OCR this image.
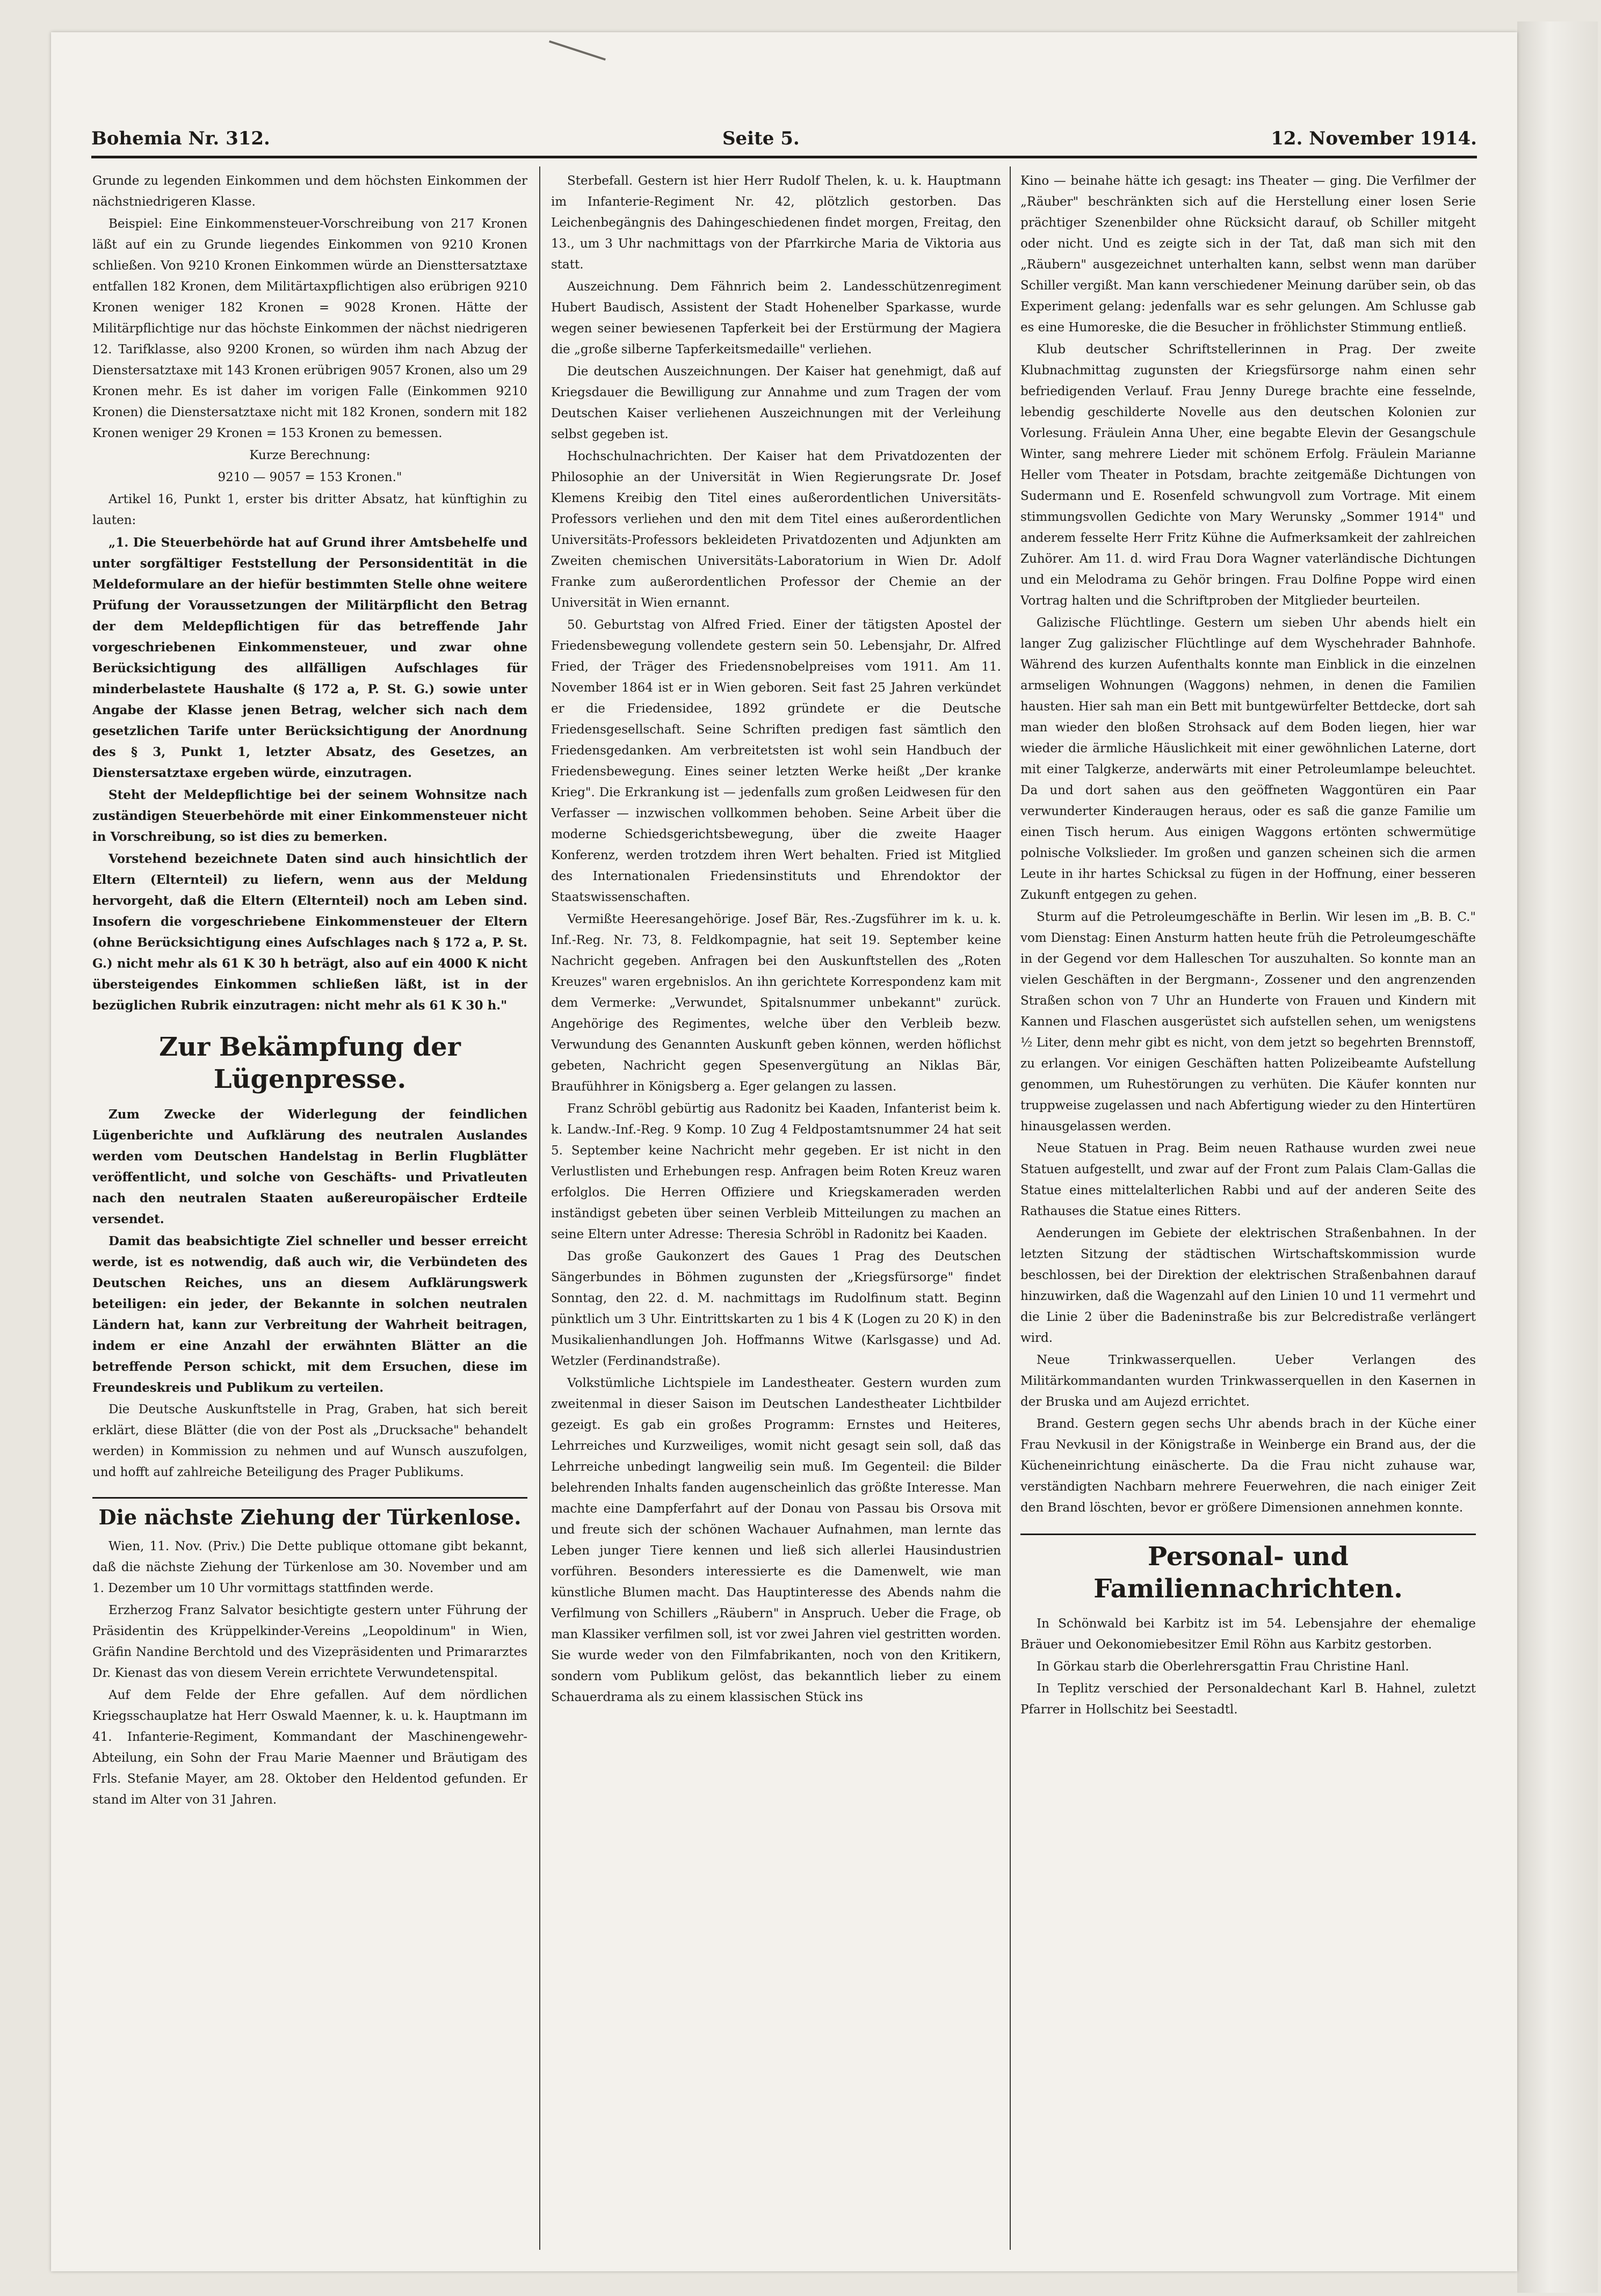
Bohemia Nr. 312.	Seite 5.	12. November 1914.

Grunde zu legenden Einkommen und dem höchsten Einkommen der nächstniedrigeren Klasse.

Beispiel: Eine Einkommensteuer-Vorschreibung von 217 Kronen läßt auf ein zu Grunde liegendes Einkommen von 9210 Kronen schließen. Von 9210 Kronen Einkommen würde an Diensttersatztaxe entfallen 182 Kronen, dem Militärtaxpflichtigen also erübrigen 9210 Kronen weniger 182 Kronen = 9028 Kronen. Hätte der Militärpflichtige nur das höchste Einkommen der nächst niedrigeren 12. Tarifklasse, also 9200 Kronen, so würden ihm nach Abzug der Dienstersatztaxe mit 143 Kronen erübrigen 9057 Kronen, also um 29 Kronen mehr. Es ist daher im vorigen Falle (Einkommen 9210 Kronen) die Dienstersatztaxe nicht mit 182 Kronen, sondern mit 182 Kronen weniger 29 Kronen = 153 Kronen zu bemessen.

Kurze Berechnung:

9210 — 9057 = 153 Kronen."

Artikel 16, Punkt 1, erster bis dritter Absatz, hat künftighin zu lauten:

„1. Die Steuerbehörde hat auf Grund ihrer Amtsbehelfe und unter sorgfältiger Feststellung der Personsidentität in die Meldeformulare an der hiefür bestimmten Stelle ohne weitere Prüfung der Voraussetzungen der Militärpflicht den Betrag der dem Meldepflichtigen für das betreffende Jahr vorgeschriebenen Einkommensteuer, und zwar ohne Berücksichtigung des allfälligen Aufschlages für minderbelastete Haushalte (§ 172 a, P. St. G.) sowie unter Angabe der Klasse jenen Betrag, welcher sich nach dem gesetzlichen Tarife unter Berücksichtigung der Anordnung des § 3, Punkt 1, letzter Absatz, des Gesetzes, an Dienstersatztaxe ergeben würde, einzutragen.

Steht der Meldepflichtige bei der seinem Wohnsitze nach zuständigen Steuerbehörde mit einer Einkommensteuer nicht in Vorschreibung, so ist dies zu bemerken.

Vorstehend bezeichnete Daten sind auch hinsichtlich der Eltern (Elternteil) zu liefern, wenn aus der Meldung hervorgeht, daß die Eltern (Elternteil) noch am Leben sind. Insofern die vorgeschriebene Einkommensteuer der Eltern (ohne Berücksichtigung eines Aufschlages nach § 172 a, P. St. G.) nicht mehr als 61 K 30 h beträgt, also auf ein 4000 K nicht übersteigendes Einkommen schließen läßt, ist in der bezüglichen Rubrik einzutragen: nicht mehr als 61 K 30 h."

Zur Bekämpfung der Lügenpresse.

Zum Zwecke der Widerlegung der feindlichen Lügenberichte und Aufklärung des neutralen Auslandes werden vom Deutschen Handelstag in Berlin Flugblätter veröffentlicht, und solche von Geschäfts- und Privatleuten nach den neutralen Staaten außereuropäischer Erdteile versendet.

Damit das beabsichtigte Ziel schneller und besser erreicht werde, ist es notwendig, daß auch wir, die Verbündeten des Deutschen Reiches, uns an diesem Aufklärungswerk beteiligen: ein jeder, der Bekannte in solchen neutralen Ländern hat, kann zur Verbreitung der Wahrheit beitragen, indem er eine Anzahl der erwähnten Blätter an die betreffende Person schickt, mit dem Ersuchen, diese im Freundeskreis und Publikum zu verteilen.

Die Deutsche Auskunftstelle in Prag, Graben, hat sich bereit erklärt, diese Blätter (die von der Post als „Drucksache" behandelt werden) in Kommission zu nehmen und auf Wunsch auszufolgen, und hofft auf zahlreiche Beteiligung des Prager Publikums.

Die nächste Ziehung der Türkenlose.

Wien, 11. Nov. (Priv.) Die Dette publique ottomane gibt bekannt, daß die nächste Ziehung der Türkenlose am 30. November und am 1. Dezember um 10 Uhr vormittags stattfinden werde.

Erzherzog Franz Salvator besichtigte gestern unter Führung der Präsidentin des Krüppelkinder-Vereins „Leopoldinum" in Wien, Gräfin Nandine Berchtold und des Vizepräsidenten und Primararztes Dr. Kienast das von diesem Verein errichtete Verwundetenspital.

Auf dem Felde der Ehre gefallen. Auf dem nördlichen Kriegsschauplatze hat Herr Oswald Maenner, k. u. k. Hauptmann im 41. Infanterie-Regiment, Kommandant der Maschinengewehr-Abteilung, ein Sohn der Frau Marie Maenner und Bräutigam des Frls. Stefanie Mayer, am 28. Oktober den Heldentod gefunden. Er stand im Alter von 31 Jahren.

Sterbefall. Gestern ist hier Herr Rudolf Thelen, k. u. k. Hauptmann im Infanterie-Regiment Nr. 42, plötzlich gestorben. Das Leichenbegängnis des Dahingeschiedenen findet morgen, Freitag, den 13., um 3 Uhr nachmittags von der Pfarrkirche Maria de Viktoria aus statt.

Auszeichnung. Dem Fähnrich beim 2. Landesschützenregiment Hubert Baudisch, Assistent der Stadt Hohenelber Sparkasse, wurde wegen seiner bewiesenen Tapferkeit bei der Erstürmung der Magiera die „große silberne Tapferkeitsmedaille" verliehen.

Die deutschen Auszeichnungen. Der Kaiser hat genehmigt, daß auf Kriegsdauer die Bewilligung zur Annahme und zum Tragen der vom Deutschen Kaiser verliehenen Auszeichnungen mit der Verleihung selbst gegeben ist.

Hochschulnachrichten. Der Kaiser hat dem Privatdozenten der Philosophie an der Universität in Wien Regierungsrate Dr. Josef Klemens Kreibig den Titel eines außerordentlichen Universitäts-Professors verliehen und den mit dem Titel eines außerordentlichen Universitäts-Professors bekleideten Privatdozenten und Adjunkten am Zweiten chemischen Universitäts-Laboratorium in Wien Dr. Adolf Franke zum außerordentlichen Professor der Chemie an der Universität in Wien ernannt.

50. Geburtstag von Alfred Fried. Einer der tätigsten Apostel der Friedensbewegung vollendete gestern sein 50. Lebensjahr, Dr. Alfred Fried, der Träger des Friedensnobelpreises vom 1911. Am 11. November 1864 ist er in Wien geboren. Seit fast 25 Jahren verkündet er die Friedensidee, 1892 gründete er die Deutsche Friedensgesellschaft. Seine Schriften predigen fast sämtlich den Friedensgedanken. Am verbreitetsten ist wohl sein Handbuch der Friedensbewegung. Eines seiner letzten Werke heißt „Der kranke Krieg". Die Erkrankung ist — jedenfalls zum großen Leidwesen für den Verfasser — inzwischen vollkommen behoben. Seine Arbeit über die moderne Schiedsgerichtsbewegung, über die zweite Haager Konferenz, werden trotzdem ihren Wert behalten. Fried ist Mitglied des Internationalen Friedensinstituts und Ehrendoktor der Staatswissenschaften.

Vermißte Heeresangehörige. Josef Bär, Res.-Zugsführer im k. u. k. Inf.-Reg. Nr. 73, 8. Feldkompagnie, hat seit 19. September keine Nachricht gegeben. Anfragen bei den Auskunftstellen des „Roten Kreuzes" waren ergebnislos. An ihn gerichtete Korrespondenz kam mit dem Vermerke: „Verwundet, Spitalsnummer unbekannt" zurück. Angehörige des Regimentes, welche über den Verbleib bezw. Verwundung des Genannten Auskunft geben können, werden höflichst gebeten, Nachricht gegen Spesenvergütung an Niklas Bär, Braufühhrer in Königsberg a. Eger gelangen zu lassen.

Franz Schröbl gebürtig aus Radonitz bei Kaaden, Infanterist beim k. k. Landw.-Inf.-Reg. 9 Komp. 10 Zug 4 Feldpostamtsnummer 24 hat seit 5. September keine Nachricht mehr gegeben. Er ist nicht in den Verlustlisten und Erhebungen resp. Anfragen beim Roten Kreuz waren erfolglos. Die Herren Offiziere und Kriegskameraden werden inständigst gebeten über seinen Verbleib Mitteilungen zu machen an seine Eltern unter Adresse: Theresia Schröbl in Radonitz bei Kaaden.

Das große Gaukonzert des Gaues 1 Prag des Deutschen Sängerbundes in Böhmen zugunsten der „Kriegsfürsorge" findet Sonntag, den 22. d. M. nachmittags im Rudolfinum statt. Beginn pünktlich um 3 Uhr. Eintrittskarten zu 1 bis 4 K (Logen zu 20 K) in den Musikalienhandlungen Joh. Hoffmanns Witwe (Karlsgasse) und Ad. Wetzler (Ferdinandstraße).

Volkstümliche Lichtspiele im Landestheater. Gestern wurden zum zweitenmal in dieser Saison im Deutschen Landestheater Lichtbilder gezeigt. Es gab ein großes Programm: Ernstes und Heiteres, Lehrreiches und Kurzweiliges, womit nicht gesagt sein soll, daß das Lehrreiche unbedingt langweilig sein muß. Im Gegenteil: die Bilder belehrenden Inhalts fanden augenscheinlich das größte Interesse. Man machte eine Dampferfahrt auf der Donau von Passau bis Orsova mit und freute sich der schönen Wachauer Aufnahmen, man lernte das Leben junger Tiere kennen und ließ sich allerlei Hausindustrien vorführen. Besonders interessierte es die Damenwelt, wie man künstliche Blumen macht. Das Hauptinteresse des Abends nahm die Verfilmung von Schillers „Räubern" in Anspruch. Ueber die Frage, ob man Klassiker verfilmen soll, ist vor zwei Jahren viel gestritten worden. Sie wurde weder von den Filmfabrikanten, noch von den Kritikern, sondern vom Publikum gelöst, das bekanntlich lieber zu einem Schauerdrama als zu einem klassischen Stück ins

Kino — beinahe hätte ich gesagt: ins Theater — ging. Die Verfilmer der „Räuber" beschränkten sich auf die Herstellung einer losen Serie prächtiger Szenenbilder ohne Rücksicht darauf, ob Schiller mitgeht oder nicht. Und es zeigte sich in der Tat, daß man sich mit den „Räubern" ausgezeichnet unterhalten kann, selbst wenn man darüber Schiller vergißt. Man kann verschiedener Meinung darüber sein, ob das Experiment gelang: jedenfalls war es sehr gelungen. Am Schlusse gab es eine Humoreske, die die Besucher in fröhlichster Stimmung entließ.

Klub deutscher Schriftstellerinnen in Prag. Der zweite Klubnachmittag zugunsten der Kriegsfürsorge nahm einen sehr befriedigenden Verlauf. Frau Jenny Durege brachte eine fesselnde, lebendig geschilderte Novelle aus den deutschen Kolonien zur Vorlesung. Fräulein Anna Uher, eine begabte Elevin der Gesangschule Winter, sang mehrere Lieder mit schönem Erfolg. Fräulein Marianne Heller vom Theater in Potsdam, brachte zeitgemäße Dichtungen von Sudermann und E. Rosenfeld schwungvoll zum Vortrage. Mit einem stimmungsvollen Gedichte von Mary Werunsky „Sommer 1914" und anderem fesselte Herr Fritz Kühne die Aufmerksamkeit der zahlreichen Zuhörer. Am 11. d. wird Frau Dora Wagner vaterländische Dichtungen und ein Melodrama zu Gehör bringen. Frau Dolfine Poppe wird einen Vortrag halten und die Schriftproben der Mitglieder beurteilen.

Galizische Flüchtlinge. Gestern um sieben Uhr abends hielt ein langer Zug galizischer Flüchtlinge auf dem Wyschehrader Bahnhofe. Während des kurzen Aufenthalts konnte man Einblick in die einzelnen armseligen Wohnungen (Waggons) nehmen, in denen die Familien hausten. Hier sah man ein Bett mit buntgewürfelter Bettdecke, dort sah man wieder den bloßen Strohsack auf dem Boden liegen, hier war wieder die ärmliche Häuslichkeit mit einer gewöhnlichen Laterne, dort mit einer Talgkerze, anderwärts mit einer Petroleumlampe beleuchtet. Da und dort sahen aus den geöffneten Waggontüren ein Paar verwunderter Kinderaugen heraus, oder es saß die ganze Familie um einen Tisch herum. Aus einigen Waggons ertönten schwermütige polnische Volkslieder. Im großen und ganzen scheinen sich die armen Leute in ihr hartes Schicksal zu fügen in der Hoffnung, einer besseren Zukunft entgegen zu gehen.

Sturm auf die Petroleumgeschäfte in Berlin. Wir lesen im „B. B. C." vom Dienstag: Einen Ansturm hatten heute früh die Petroleumgeschäfte in der Gegend vor dem Halleschen Tor auszuhalten. So konnte man an vielen Geschäften in der Bergmann-, Zossener und den angrenzenden Straßen schon von 7 Uhr an Hunderte von Frauen und Kindern mit Kannen und Flaschen ausgerüstet sich aufstellen sehen, um wenigstens ½ Liter, denn mehr gibt es nicht, von dem jetzt so begehrten Brennstoff, zu erlangen. Vor einigen Geschäften hatten Polizeibeamte Aufstellung genommen, um Ruhestörungen zu verhüten. Die Käufer konnten nur truppweise zugelassen und nach Abfertigung wieder zu den Hintertüren hinausgelassen werden.

Neue Statuen in Prag. Beim neuen Rathause wurden zwei neue Statuen aufgestellt, und zwar auf der Front zum Palais Clam-Gallas die Statue eines mittelalterlichen Rabbi und auf der anderen Seite des Rathauses die Statue eines Ritters.

Aenderungen im Gebiete der elektrischen Straßenbahnen. In der letzten Sitzung der städtischen Wirtschaftskommission wurde beschlossen, bei der Direktion der elektrischen Straßenbahnen darauf hinzuwirken, daß die Wagenzahl auf den Linien 10 und 11 vermehrt und die Linie 2 über die Badeninstraße bis zur Belcredistraße verlängert wird.

Neue Trinkwasserquellen. Ueber Verlangen des Militärkommandanten wurden Trinkwasserquellen in den Kasernen in der Bruska und am Aujezd errichtet.

Brand. Gestern gegen sechs Uhr abends brach in der Küche einer Frau Nevkusil in der Königstraße in Weinberge ein Brand aus, der die Kücheneinrichtung einäscherte. Da die Frau nicht zuhause war, verständigten Nachbarn mehrere Feuerwehren, die nach einiger Zeit den Brand löschten, bevor er größere Dimensionen annehmen konnte.

Personal- und Familiennachrichten.

In Schönwald bei Karbitz ist im 54. Lebensjahre der ehemalige Bräuer und Oekonomiebesitzer Emil Röhn aus Karbitz gestorben.

In Görkau starb die Oberlehrersgattin Frau Christine Hanl.

In Teplitz verschied der Personaldechant Karl B. Hahnel, zuletzt Pfarrer in Hollschitz bei Seestadtl.
